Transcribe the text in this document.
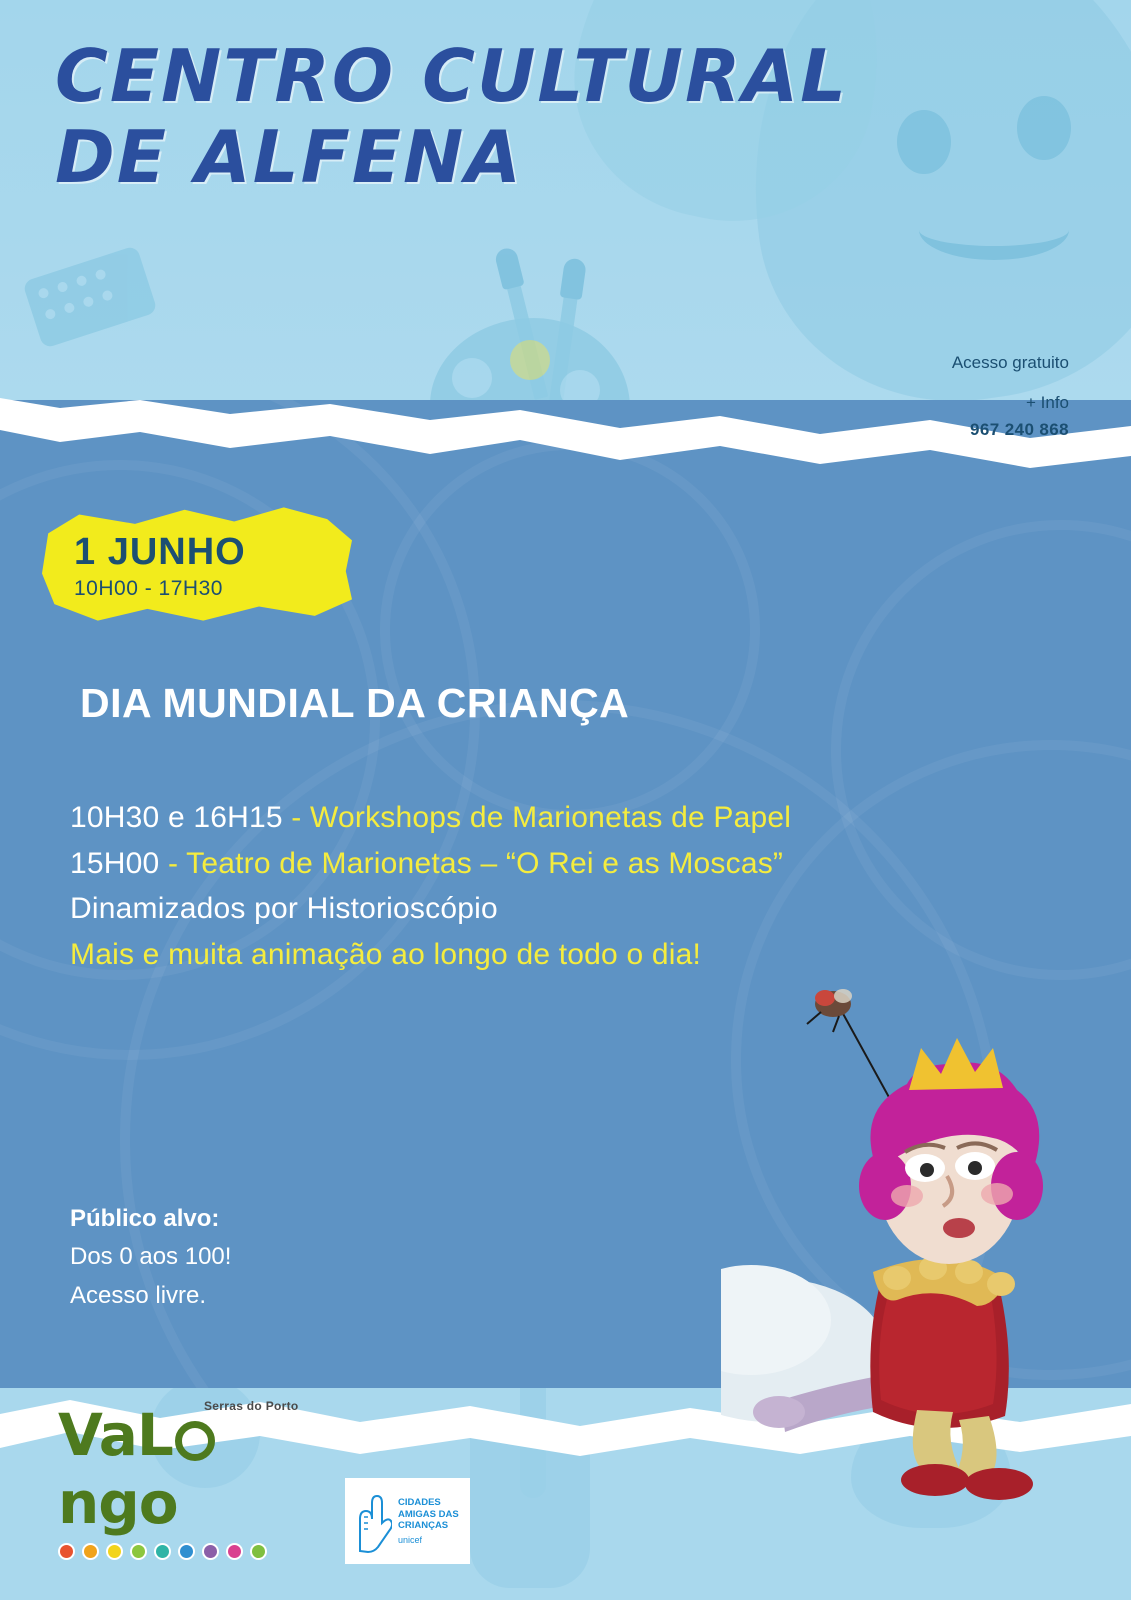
CENTRO CULTURAL
DE ALFENA
Acesso gratuito
+ Info
967 240 868
1 JUNHO
10H00 - 17H30
DIA MUNDIAL DA CRIANÇA
10H30 e 16H15 - Workshops de Marionetas de Papel
15H00 - Teatro de Marionetas – “O Rei e as Moscas”
Dinamizados por Historioscópio
Mais e muita animação ao longo de todo o dia!
Público alvo:
Dos 0 aos 100!
Acesso livre.
Serras do Porto
VaLngo	CIDADES
AMIGAS DAS
CRIANÇAS
unicef
